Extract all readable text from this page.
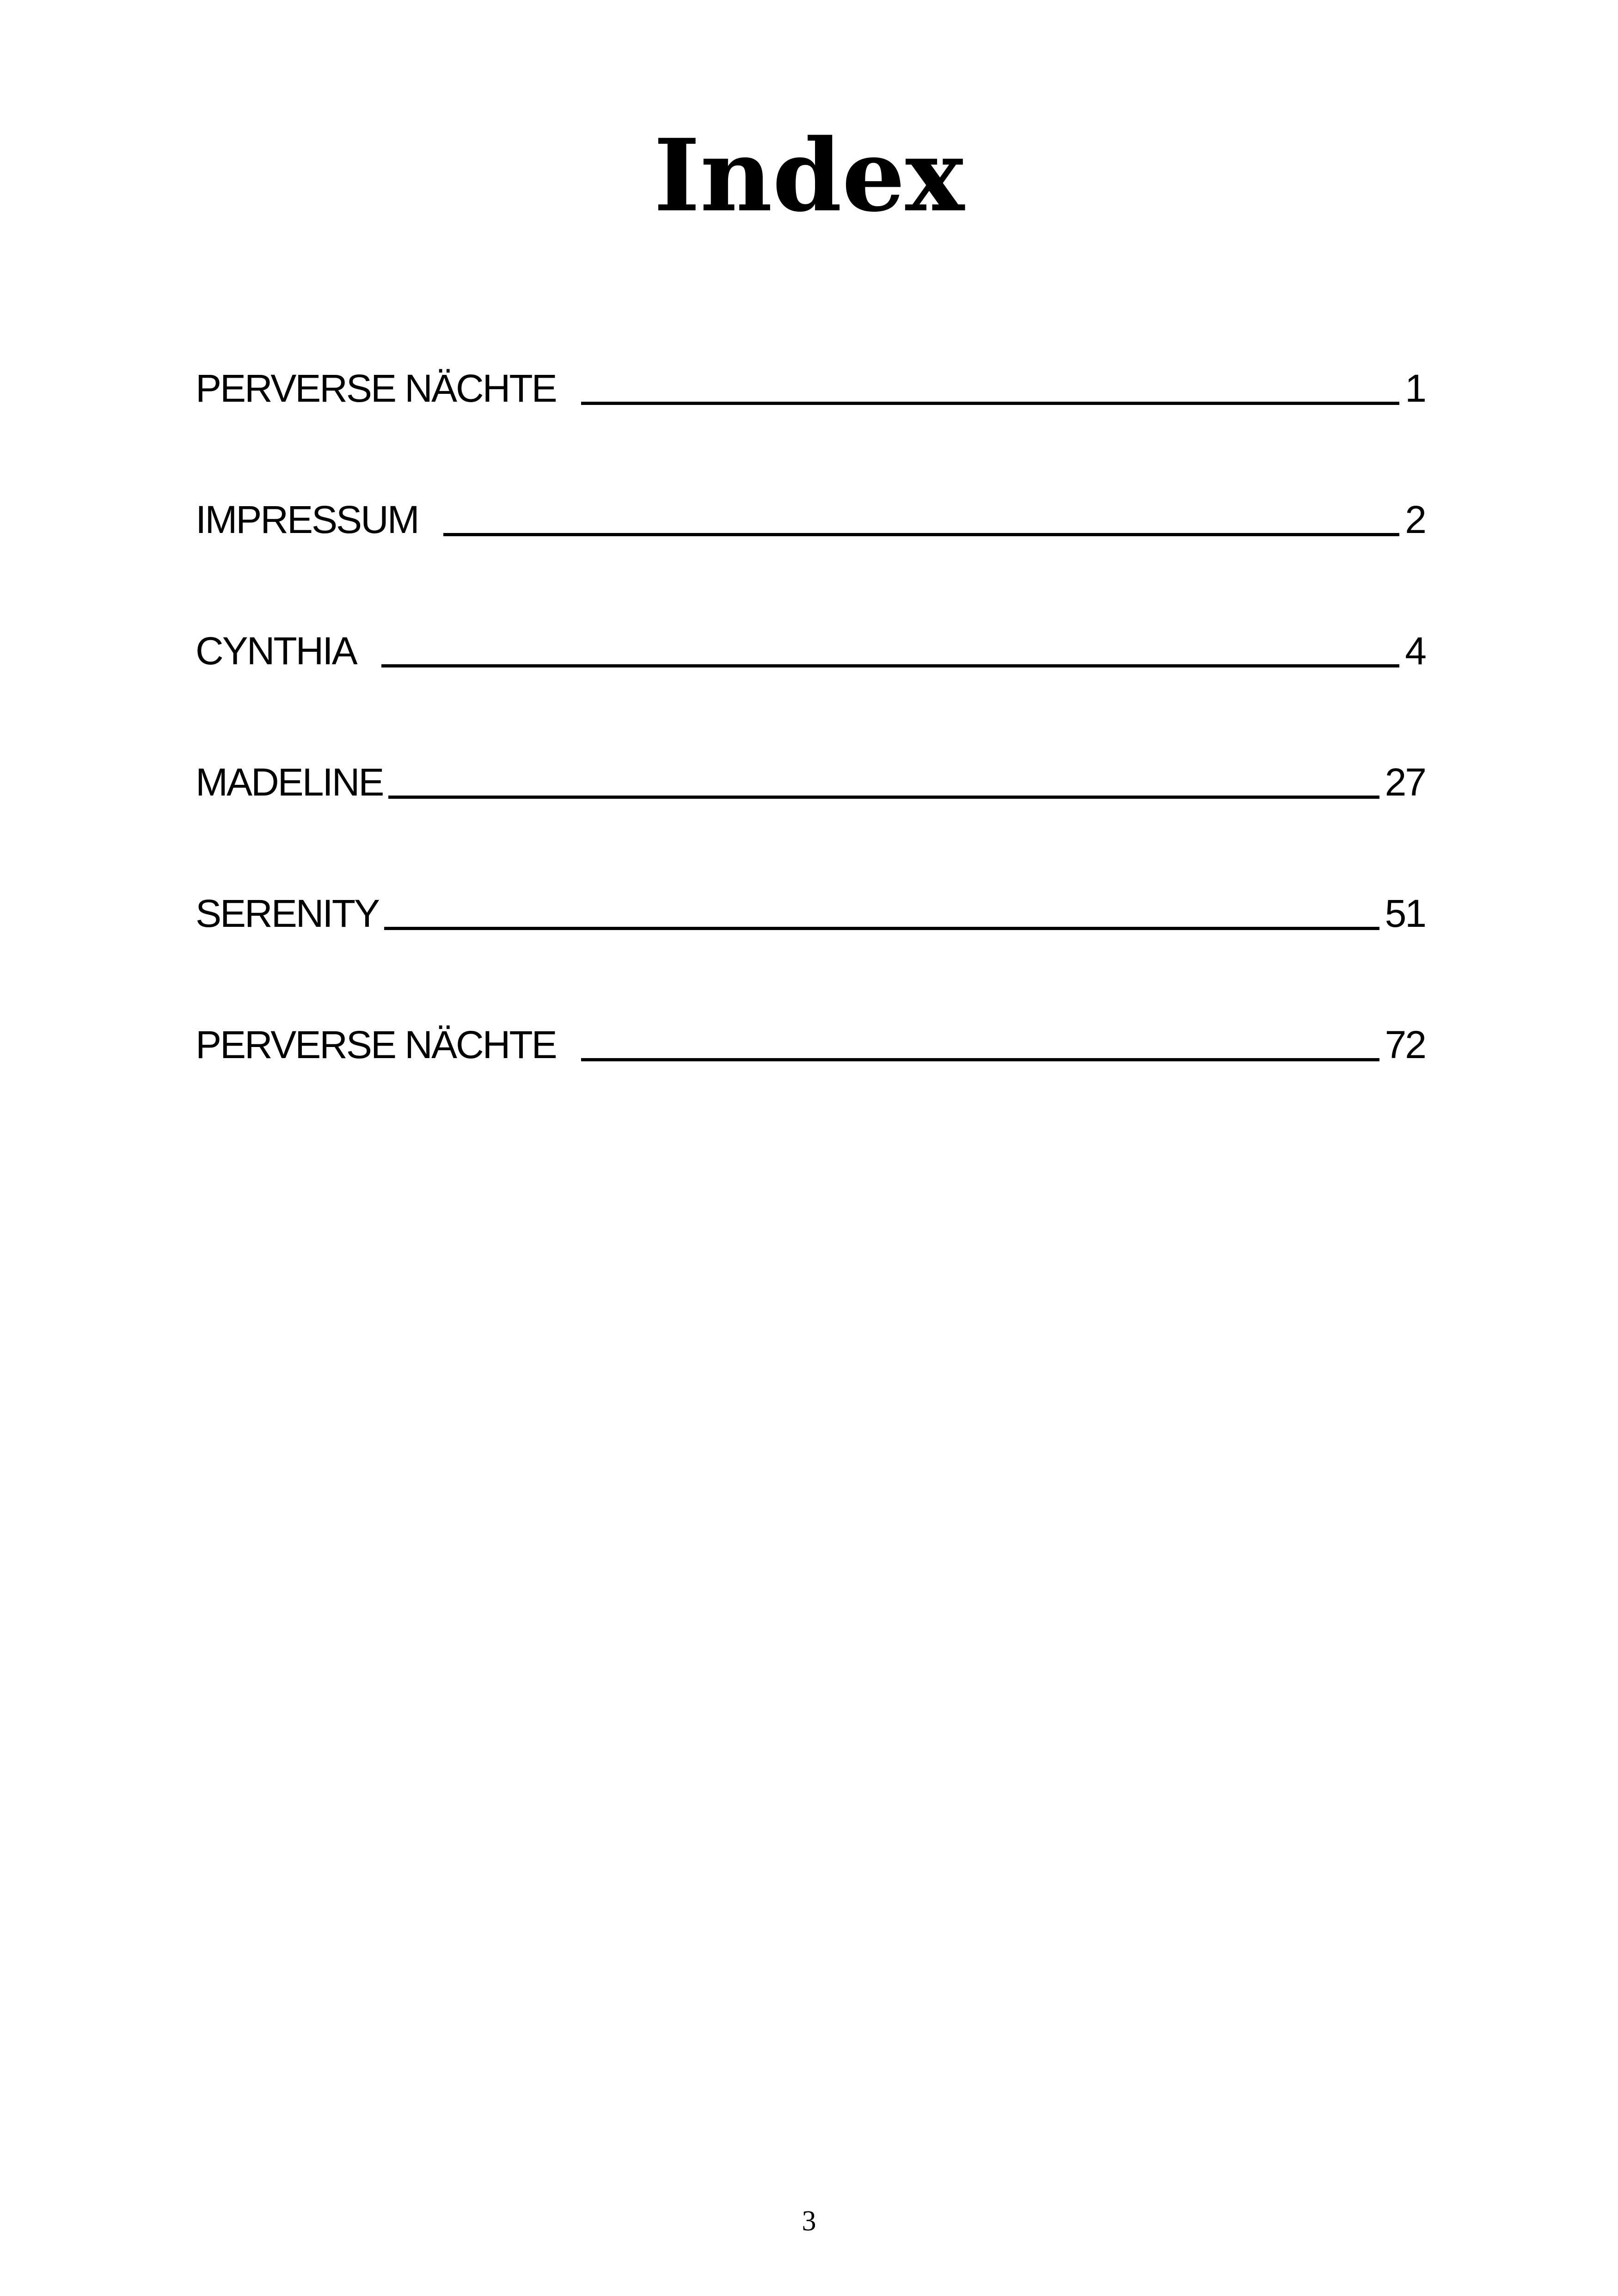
Index
PERVERSE NÄCHTE	1
IMPRESSUM	2
CYNTHIA	4
MADELINE	27
SERENITY	51
PERVERSE NÄCHTE	72
3
